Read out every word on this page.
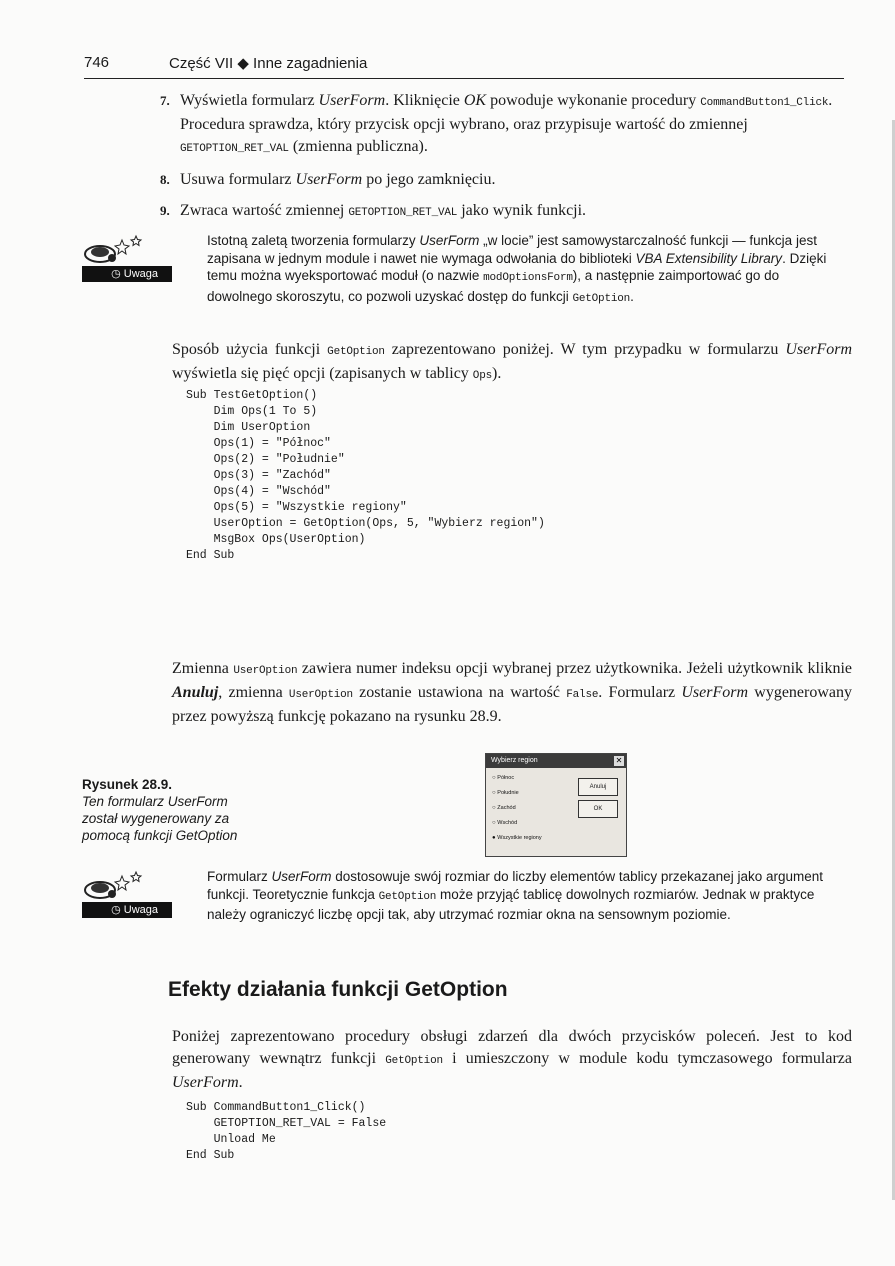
746	Część VII ◆ Inne zagadnienia
7. Wyświetla formularz UserForm. Kliknięcie OK powoduje wykonanie procedury CommandButton1_Click. Procedura sprawdza, który przycisk opcji wybrano, oraz przypisuje wartość do zmiennej GETOPTION_RET_VAL (zmienna publiczna).
8. Usuwa formularz UserForm po jego zamknięciu.
9. Zwraca wartość zmiennej GETOPTION_RET_VAL jako wynik funkcji.
◷ Uwaga
Istotną zaletą tworzenia formularzy UserForm „w locie” jest samowystarczalność funkcji — funkcja jest zapisana w jednym module i nawet nie wymaga odwołania do biblioteki VBA Extensibility Library. Dzięki temu można wyeksportować moduł (o nazwie modOptionsForm), a następnie zaimportować go do dowolnego skoroszytu, co pozwoli uzyskać dostęp do funkcji GetOption.
Sposób użycia funkcji GetOption zaprezentowano poniżej. W tym przypadku w formularzu UserForm wyświetla się pięć opcji (zapisanych w tablicy Ops).
Sub TestGetOption()
Dim Ops(1 To 5)
Dim UserOption
Ops(1) = "Północ"
Ops(2) = "Południe"
Ops(3) = "Zachód"
Ops(4) = "Wschód"
Ops(5) = "Wszystkie regiony"
UserOption = GetOption(Ops, 5, "Wybierz region")
MsgBox Ops(UserOption)
End Sub
Zmienna UserOption zawiera numer indeksu opcji wybranej przez użytkownika. Jeżeli użytkownik kliknie Anuluj, zmienna UserOption zostanie ustawiona na wartość False. Formularz UserForm wygenerowany przez powyższą funkcję pokazano na rysunku 28.9.
Rysunek 28.9.
Ten formularz UserForm został wygenerowany za pomocą funkcji GetOption
Wybierz region	✕
○ Północ
○ Południe
○ Zachód
○ Wschód
● Wszystkie regiony
Anuluj
OK
◷ Uwaga
Formularz UserForm dostosowuje swój rozmiar do liczby elementów tablicy przekazanej jako argument funkcji. Teoretycznie funkcja GetOption może przyjąć tablicę dowolnych rozmiarów. Jednak w praktyce należy ograniczyć liczbę opcji tak, aby utrzymać rozmiar okna na sensownym poziomie.
Efekty działania funkcji GetOption
Poniżej zaprezentowano procedury obsługi zdarzeń dla dwóch przycisków poleceń. Jest to kod generowany wewnątrz funkcji GetOption i umieszczony w module kodu tymczasowego formularza UserForm.
Sub CommandButton1_Click()
GETOPTION_RET_VAL = False
Unload Me
End Sub
